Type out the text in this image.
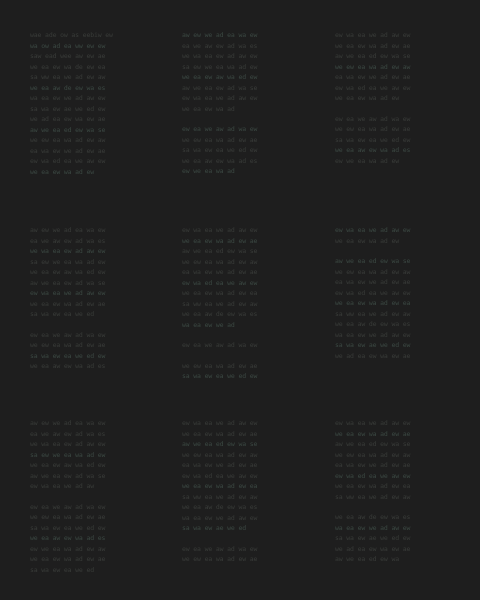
wae ade ow as eebiw ew
wa ow ad ea ww ew ew
saw ead wee aw ew ae
we ea ew wa de ew ea
sa ww ea we ad ew aw
we ea aw de ew wa es
wa ea ew we ad aw ew
sa wa ew ae we ed ew
we ad ea ew wa ew ae
aw we ea ed ew wa se
we ew ea wa ad ew aw
ea wa ew we ad ew ae
ew wa ed ea we aw ew
we ea ew wa ad ew
aw ew we ad ea wa ew
ea we aw ew ad wa es
we wa ea ew ad aw ew
sa ew we ea wa ad ew
we ea ew aw wa ed ew
aw we ea ew ad wa se
ew wa ea we ad aw ew
we ea ew wa ad
ew ea we aw ad wa ew
we ew ea wa ad ew ae
sa wa ew ea we ed ew
we ea aw ew wa ad es
ew we ea wa ad
ew wa ea we ad aw ew
we ea ew wa ad ew ae
aw we ea ed ew wa se
we ew ea wa ad ew aw
ea wa ew we ad ew ae
ew wa ed ea we aw ew
we ea ew wa ad ew
ew ea we aw ad wa ew
we ew ea wa ad ew ae
sa wa ew ea we ed ew
we ea aw ew wa ad es
ew we ea wa ad ew
aw ew we ad ea wa ew
ea we aw ew ad wa es
we wa ea ew ad aw ew
sa ew we ea wa ad ew
we ea ew aw wa ed ew
aw we ea ew ad wa se
ew wa ea we ad aw ew
we ea ew wa ad ew ae
sa wa ew ea we ed
ew ea we aw ad wa ew
we ew ea wa ad ew ae
sa wa ew ea we ed ew
we ea aw ew wa ad es
ew wa ea we ad aw ew
we ea ew wa ad ew ae
aw we ea ed ew wa se
we ew ea wa ad ew aw
ea wa ew we ad ew ae
ew wa ed ea we aw ew
we ea ew wa ad ew ea
sa ww ea we ad ew aw
we ea aw de ew wa es
wa ea ew we ad
ew ea we aw ad wa ew
we ew ea wa ad ew ae
sa wa ew ea we ed ew
ew wa ea we ad aw ew
we ea ew wa ad ew
aw we ea ed ew wa se
we ew ea wa ad ew aw
ea wa ew we ad ew ae
ew wa ed ea we aw ew
we ea ew wa ad ew ea
sa ww ea we ad ew aw
we ea aw de ew wa es
wa ea ew we ad aw ew
sa wa ew ae we ed ew
we ad ea ew wa ew ae
aw ew we ad ea wa ew
ea we aw ew ad wa es
we wa ea ew ad aw ew
sa ew we ea wa ad ew
we ea ew aw wa ed ew
aw we ea ew ad wa se
ew wa ea we ad aw
ew ea we aw ad wa ew
we ew ea wa ad ew ae
sa wa ew ea we ed ew
we ea aw ew wa ad es
ew we ea wa ad ew aw
we ea ew wa ad ew ae
sa wa ew ea we ed
ew wa ea we ad aw ew
we ea ew wa ad ew ae
aw we ea ed ew wa se
we ew ea wa ad ew aw
ea wa ew we ad ew ae
ew wa ed ea we aw ew
we ea ew wa ad ew ea
sa ww ea we ad ew aw
we ea aw de ew wa es
wa ea ew we ad aw ew
sa wa ew ae we ed
ew ea we aw ad wa ew
we ew ea wa ad ew ae
ew wa ea we ad aw ew
we ea ew wa ad ew ae
aw we ea ed ew wa se
we ew ea wa ad ew aw
ea wa ew we ad ew ae
ew wa ed ea we aw ew
we ea ew wa ad ew ea
sa ww ea we ad ew aw
we ea aw de ew wa es
wa ea ew we ad aw ew
sa wa ew ae we ed ew
we ad ea ew wa ew ae
aw we ea ed ew wa
